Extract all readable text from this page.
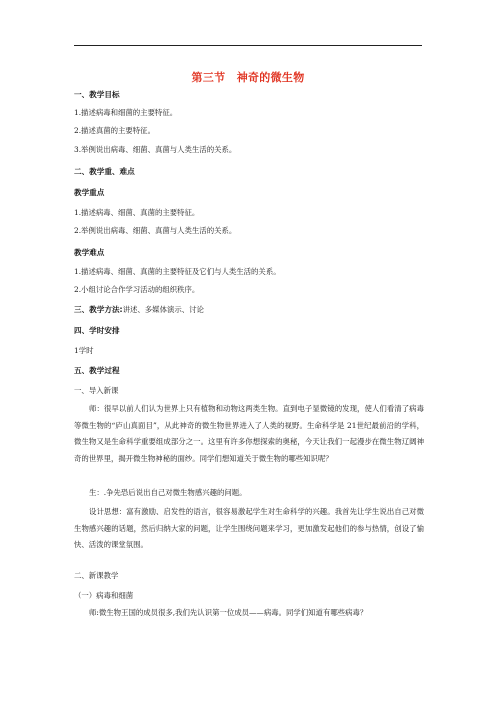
第三节　神奇的微生物
一、教学目标
1.描述病毒和细菌的主要特征。
2.描述真菌的主要特征。
3.举例说出病毒、细菌、真菌与人类生活的关系。
二、教学重、难点
教学重点
1.描述病毒、细菌、真菌的主要特征。
2.举例说出病毒、细菌、真菌与人类生活的关系。
教学难点
1.描述病毒、细菌、真菌的主要特征及它们与人类生活的关系。
2.小组讨论合作学习活动的组织秩序。
三、教学方法:讲述、多媒体演示、讨论
四、学时安排
1学时
五、教学过程
一、导入新课
师：很早以前人们认为世界上只有植物和动物这两类生物。直到电子显微镜的发现，使人们看清了病毒等微生物的“庐山真面目”，从此神奇的微生物世界进入了人类的视野。生命科学是 21世纪最前沿的学科，微生物又是生命科学重要组成部分之一。这里有许多你想探索的奥秘，今天让我们一起漫步在微生物辽阔神奇的世界里，揭开微生物神秘的面纱。同学们想知道关于微生物的哪些知识呢？
生：.争先恐后说出自己对微生物感兴趣的问题。
设计思想：富有激励、启发性的语言，很容易激起学生对生命科学的兴趣。我首先让学生说出自己对微生物感兴趣的话题，然后归纳大家的问题，让学生围绕问题来学习，更加激发起他们的参与热情，创设了愉快、活泼的课堂氛围。
二、新课教学
（一）病毒和细菌
师:微生物王国的成员很多,我们先认识第一位成员——病毒。同学们知道有哪些病毒？
